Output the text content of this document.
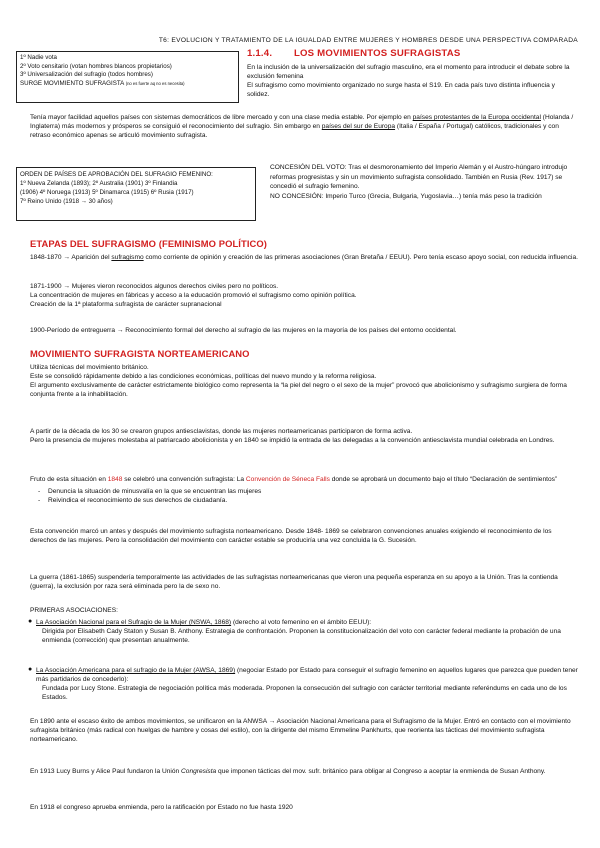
T6: EVOLUCIÓN Y TRATAMIENTO DE LA IGUALDAD ENTRE MUJERES Y HOMBRES DESDE UNA PERSPECTIVA COMPARADA
1º Nadie vota
2º Voto censitario (votan hombres blancos propietarios)
3º Universalización del sufragio (todos hombres)
SURGE MOVIMIENTO SUFRAGISTA (no es fuerte aq no es necesita)
1.1.4. LOS MOVIMIENTOS SUFRAGISTAS
En la inclusión de la universalización del sufragio masculino, era el momento para introducir el debate sobre la exclusión femenina
El sufragismo como movimiento organizado no surge hasta el S19. En cada país tuvo distinta influencia y solidez.
Tenía mayor facilidad aquellos países con sistemas democráticos de libre mercado y con una clase media estable. Por ejemplo en países protestantes de la Europa occidental (Holanda / Inglaterra) más modernos y prósperos se consiguió el reconocimiento del sufragio. Sin embargo en países del sur de Europa (Italia / España / Portugal) católicos, tradicionales y con retraso económico apenas se articuló movimiento sufragista.
ORDEN DE PAÍSES DE APROBACIÓN DEL SUFRAGIO FEMENINO:
1º Nueva Zelanda (1893); 2º Australia (1901) 3º Finlandia
(1906) 4º Noruega (1913) 5º Dinamarca (1915) 6º Rusia (1917)
7º Reino Unido (1918 → 30 años)
CONCESIÓN DEL VOTO: Tras el desmoronamiento del Imperio Alemán y el Austro-húngaro introdujo reformas progresistas y sin un movimiento sufragista consolidado. También en Rusia (Rev. 1917) se concedió el sufragio femenino.
NO CONCESIÓN: Imperio Turco (Grecia, Bulgaria, Yugoslavia…) tenía más peso la tradición
ETAPAS DEL SUFRAGISMO (FEMINISMO POLÍTICO)
1848-1870 → Aparición del sufragismo como corriente de opinión y creación de las primeras asociaciones (Gran Bretaña / EEUU). Pero tenía escaso apoyo social, con reducida influencia.
1871-1900 → Mujeres vieron reconocidos algunos derechos civiles pero no políticos.
La concentración de mujeres en fábricas y acceso a la educación promovió el sufragismo como opinión política.
Creación de la 1ª plataforma sufragista de carácter supranacional
1900-Período de entreguerra → Reconocimiento formal del derecho al sufragio de las mujeres en la mayoría de los países del entorno occidental.
MOVIMIENTO SUFRAGISTA NORTEAMERICANO
Utiliza técnicas del movimiento británico.
Este se consolidó rápidamente debido a las condiciones económicas, políticas del nuevo mundo y la reforma religiosa.
El argumento exclusivamente de carácter estrictamente biológico como representa la “la piel del negro o el sexo de la mujer” provocó que abolicionismo y sufragismo surgiera de forma conjunta frente a la inhabilitación.
A partir de la década de los 30 se crearon grupos antiesclavistas, donde las mujeres norteamericanas participaron de forma activa.
Pero la presencia de mujeres molestaba al patriarcado abolicionista y en 1840 se impidió la entrada de las delegadas a la convención antiesclavista mundial celebrada en Londres.
Fruto de esta situación en 1848 se celebró una convención sufragista: La Convención de Séneca Falls donde se aprobará un documento bajo el título “Declaración de sentimientos”
- Denuncia la situación de minusvalía en la que se encuentran las mujeres
- Reivindica el reconocimiento de sus derechos de ciudadanía.
Esta convención marcó un antes y después del movimiento sufragista norteamericano. Desde 1848- 1869 se celebraron convenciones anuales exigiendo el reconocimiento de los derechos de las mujeres. Pero la consolidación del movimiento con carácter estable se produciría una vez concluida la G. Sucesión.
La guerra (1861-1865) suspendería temporalmente las actividades de las sufragistas norteamericanas que vieron una pequeña esperanza en su apoyo a la Unión. Tras la contienda (guerra), la exclusión por raza será eliminada pero la de sexo no.
PRIMERAS ASOCIACIONES:
● La Asociación Nacional para el Sufragio de la Mujer (NSWA, 1868) (derecho al voto femenino en el ámbito EEUU):
Dirigida por Elisabeth Cady Staton y Susan B. Anthony. Estrategia de confrontación. Proponen la constitucionalización del voto con carácter federal mediante la probación de una enmienda (corrección) que presentan anualmente.
● La Asociación Americana para el sufragio de la Mujer (AWSA, 1869) (negociar Estado por Estado para conseguir el sufragio femenino en aquellos lugares que parezca que pueden tener más partidarios de concederlo):
Fundada por Lucy Stone. Estrategia de negociación política más moderada. Proponen la consecución del sufragio con carácter territorial mediante referéndums en cada uno de los Estados.
En 1890 ante el escaso éxito de ambos movimientos, se unificaron en la ANWSA → Asociación Nacional Americana para el Sufragismo de la Mujer. Entró en contacto con el movimiento sufragista británico (más radical con huelgas de hambre y cosas del estilo), con la dirigente del mismo Emmeline Pankhurts, que reorienta las tácticas del movimiento sufragista norteamericano.
En 1913 Lucy Burns y Alice Paul fundaron la Unión Congresista que imponen tácticas del mov. sufr. británico para obligar al Congreso a aceptar la enmienda de Susan Anthony.
En 1918 el congreso aprueba enmienda, pero la ratificación por Estado no fue hasta 1920
